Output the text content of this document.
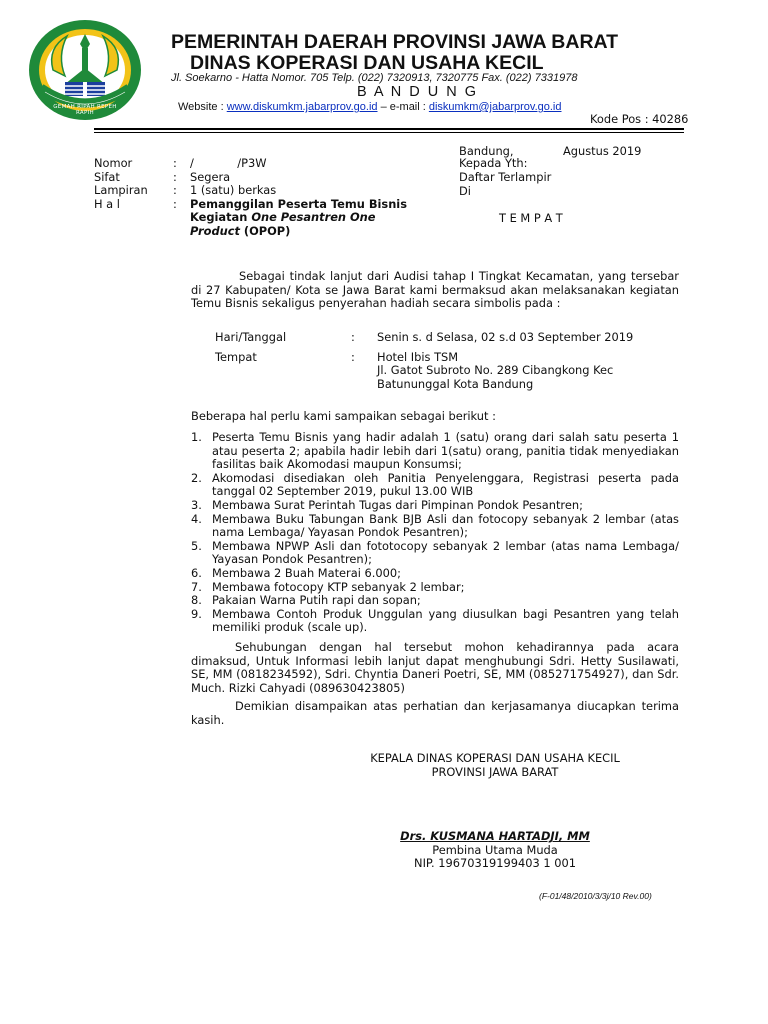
GEMAH RIPAH REPEH RAPIH
PEMERINTAH DAERAH PROVINSI JAWA BARAT
DINAS KOPERASI DAN USAHA KECIL
Jl. Soekarno - Hatta Nomor. 705 Telp. (022) 7320913, 7320775 Fax. (022) 7331978
B A N D U N G
Website : www.diskumkm.jabarprov.go.id – e-mail : diskumkm@jabarprov.go.id
Kode Pos : 40286
Bandung,	Agustus 2019
Kepada Yth:
Daftar Terlampir
Di
T E M P A T
Nomor	:	/            /P3W
Sifat	:	Segera
Lampiran	:	1 (satu) berkas
H a l	:	Pemanggilan Peserta Temu Bisnis
Kegiatan One Pesantren One
Product (OPOP)
Sebagai tindak lanjut dari Audisi tahap I Tingkat Kecamatan, yang tersebar di 27 Kabupaten/ Kota se Jawa Barat kami bermaksud akan melaksanakan kegiatan Temu Bisnis sekaligus penyerahan hadiah secara simbolis pada :
Hari/Tanggal	:	Senin s. d Selasa, 02 s.d 03 September 2019
Tempat	:	Hotel Ibis TSM
Jl. Gatot Subroto No. 289 Cibangkong Kec Batununggal Kota Bandung
Beberapa hal perlu kami sampaikan sebagai berikut :
1. Peserta Temu Bisnis yang hadir adalah 1 (satu) orang dari salah satu peserta 1 atau peserta 2; apabila hadir lebih dari 1(satu) orang, panitia tidak menyediakan fasilitas baik Akomodasi maupun Konsumsi;
2. Akomodasi disediakan oleh Panitia Penyelenggara, Registrasi peserta pada tanggal 02 September 2019, pukul 13.00 WIB
3. Membawa Surat Perintah Tugas dari Pimpinan Pondok Pesantren;
4. Membawa Buku Tabungan Bank BJB Asli dan fotocopy sebanyak 2 lembar (atas nama Lembaga/ Yayasan Pondok Pesantren);
5. Membawa NPWP Asli dan fototocopy sebanyak 2 lembar (atas nama Lembaga/ Yayasan Pondok Pesantren);
6. Membawa 2 Buah Materai 6.000;
7. Membawa fotocopy KTP sebanyak 2 lembar;
8. Pakaian Warna Putih rapi dan sopan;
9. Membawa Contoh Produk Unggulan yang diusulkan bagi Pesantren yang telah memiliki produk (scale up).
Sehubungan dengan hal tersebut mohon kehadirannya pada acara dimaksud, Untuk Informasi lebih lanjut dapat menghubungi Sdri. Hetty Susilawati, SE, MM (0818234592), Sdri. Chyntia Daneri Poetri, SE, MM (085271754927), dan Sdr. Much. Rizki Cahyadi (089630423805)
Demikian disampaikan atas perhatian dan kerjasamanya diucapkan terima kasih.
KEPALA DINAS KOPERASI DAN USAHA KECIL
PROVINSI JAWA BARAT
Drs. KUSMANA HARTADJI, MM
Pembina Utama Muda
NIP. 19670319199403 1 001
(F-01/48/2010/3/3j/10 Rev.00)
